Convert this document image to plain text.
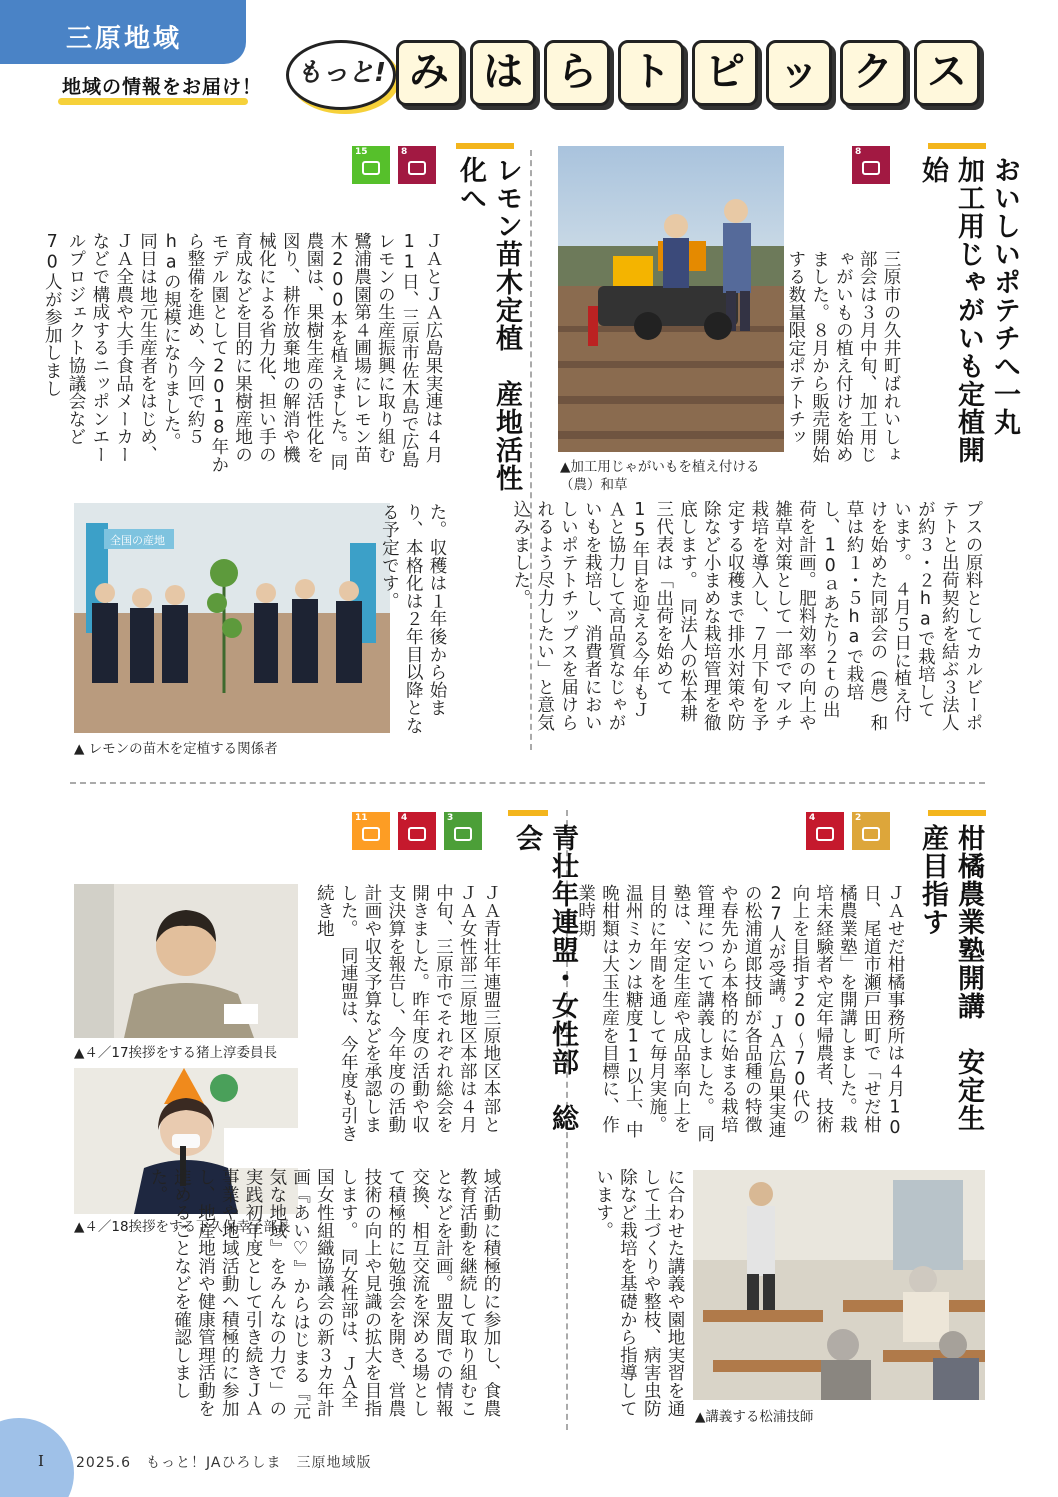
三原地域
地域の情報をお届け！	もっと! み は ら ト ピ ッ ク ス
おいしいポテチへ一丸　加工用じゃがいも定植開始
8
三原市の久井町ばれいしょ部会は３月中旬、加工用じゃがいもの植え付けを始めました。８月から販売開始する数量限定ポテトチッ
▲加工用じゃがいもを植え付ける（農）和草
プスの原料としてカルビーポテトと出荷契約を結ぶ３法人が約３・２haで栽培しています。　４月５日に植え付けを始めた同部会の（農）和草は約１・５haで栽培し、10ａあたり２ｔの出荷を計画。肥料効率の向上や雑草対策として一部でマルチ栽培を導入し、７月下旬を予定する収穫まで排水対策や防除など小まめな栽培管理を徹底します。　同法人の松本耕三代表は「出荷を始めて15年目を迎える今年もＪＡと協力して高品質なじゃがいもを栽培し、消費者においしいポテトチップスを届けられるよう尽力したい」と意気込みました。
レモン苗木定植　産地活性化へ
15	8
ＪＡとＪＡ広島果実連は４月11日、三原市佐木島で広島レモンの生産振興に取り組む鷺浦農園第４圃場にレモン苗木200本を植えました。同農園は、果樹生産の活性化を図り、耕作放棄地の解消や機械化による省力化、担い手の育成などを目的に果樹産地のモデル園として2018年から整備を進め、今回で約５haの規模になりました。　同日は地元生産者をはじめ、ＪＡ全農や大手食品メーカーなどで構成するニッポンエールプロジェクト協議会など70人が参加しまし
全国の産地
▲ レモンの苗木を定植する関係者
た。収穫は１年後から始まり、本格化は２年目以降となる予定です。
柑橘農業塾開講　安定生産目指す
4	2
ＪＡせだ柑橘事務所は４月10日、尾道市瀬戸田町で「せだ柑橘農業塾」を開講しました。栽培未経験者や定年帰農者、技術向上を目指す20～70代の27人が受講。ＪＡ広島果実連の松浦道郎技師が各品種の特徴や春先から本格的に始まる栽培管理について講義しました。　同塾は、安定生産や成品率向上を目的に年間を通して毎月実施。温州ミカンは糖度11以上、中晩柑類は大玉生産を目標に、作業時期
▲講義する松浦技師
に合わせた講義や園地実習を通して土づくりや整枝、病害虫防除など栽培を基礎から指導しています。
青壮年連盟・女性部　総会
11	4	3
ＪＡ青壮年連盟三原地区本部とＪＡ女性部三原地区本部は４月中旬、三原市でそれぞれ総会を開きました。昨年度の活動や収支決算を報告し、今年度の活動計画や収支予算などを承認しました。　同連盟は、今年度も引き続き地
▲４／17挨拶をする猪上淳委員長
▲４／18挨拶をする下久保幸子部長	域活動に積極的に参加し、食農教育活動を継続して取り組むことなどを計画。盟友間での情報交換、相互交流を深める場として積極的に勉強会を開き、営農技術の向上や見識の拡大を目指します。　同女性部は、ＪＡ全国女性組織協議会の新３カ年計画『あい♡』からはじまる『元気な地域』をみんなの力で」の実践初年度として引き続きＪＡ事業や地域活動へ積極的に参加し、地産地消や健康管理活動を進めることなどを確認しました。
I 2025.6　もっと！JAひろしま　三原地域版
